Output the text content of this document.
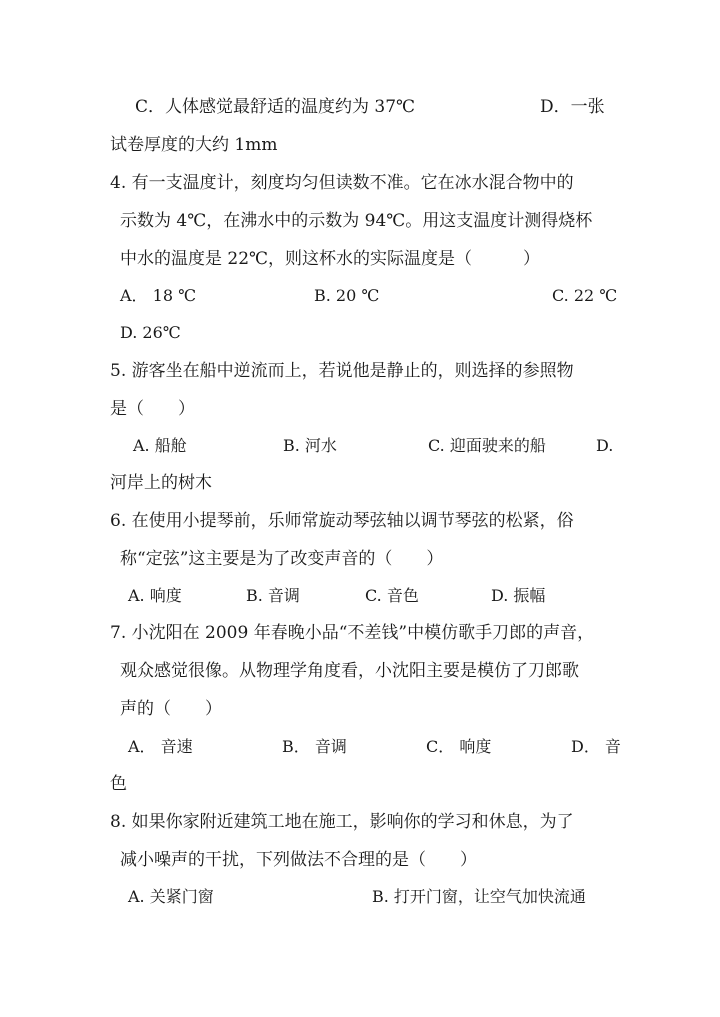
C．人体感觉最舒适的温度约为 37℃	D．一张
试卷厚度的大约 1mm
4. 有一支温度计，刻度均匀但读数不准。它在冰水混合物中的
示数为 4℃，在沸水中的示数为 94℃。用这支温度计测得烧杯
中水的温度是 22℃，则这杯水的实际温度是（　　　）
A． 18 ℃	B. 20 ℃	C. 22 ℃
D. 26℃
5. 游客坐在船中逆流而上，若说他是静止的，则选择的参照物
是（　　）
A. 船舱	B. 河水	C. 迎面驶来的船	D.
河岸上的树木
6. 在使用小提琴前，乐师常旋动琴弦轴以调节琴弦的松紧，俗
称“定弦”这主要是为了改变声音的（　　）
A. 响度	B. 音调	C. 音色	D. 振幅
7. 小沈阳在 2009 年春晚小品“不差钱”中模仿歌手刀郎的声音，
观众感觉很像。从物理学角度看，小沈阳主要是模仿了刀郎歌
声的（　　）
A． 音速	B． 音调	C． 响度	D． 音
色
8. 如果你家附近建筑工地在施工，影响你的学习和休息，为了
减小噪声的干扰，下列做法不合理的是（　　）
A. 关紧门窗	B. 打开门窗，让空气加快流通
